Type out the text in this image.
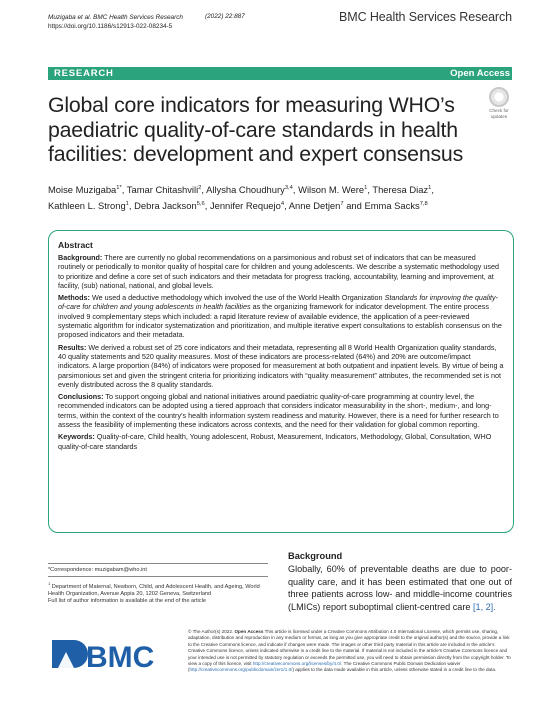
Muzigaba et al. BMC Health Services Research
https://doi.org/10.1186/s12913-022-08234-5
(2022) 22:887	BMC Health Services Research
RESEARCH	Open Access
Check for
updates
Global core indicators for measuring WHO’s paediatric quality-of-care standards in health facilities: development and expert consensus
Moise Muzigaba$^{1*}$, Tamar Chitashvili$^2$, Allysha Choudhury$^{3,4}$, Wilson M. Were$^1$, Theresa Diaz$^1$,
Kathleen L. Strong$^1$, Debra Jackson$^{5,6}$, Jennifer Requejo$^4$, Anne Detjen$^7$ and Emma Sacks$^{7,8}$
Abstract

Background: There are currently no global recommendations on a parsimonious and robust set of indicators that can be measured routinely or periodically to monitor quality of hospital care for children and young adolescents. We describe a systematic methodology used to prioritize and define a core set of such indicators and their metadata for progress tracking, accountability, learning and improvement, at facility, (sub) national, national, and global levels.

Methods: We used a deductive methodology which involved the use of the World Health Organization Standards for improving the quality-of-care for children and young adolescents in health facilities as the organizing framework for indicator development. The entire process involved 9 complementary steps which included: a rapid literature review of available evidence, the application of a peer-reviewed systematic algorithm for indicator systematization and prioritization, and multiple iterative expert consultations to establish consensus on the proposed indicators and their metadata.

Results: We derived a robust set of 25 core indicators and their metadata, representing all 8 World Health Organization quality standards, 40 quality statements and 520 quality measures. Most of these indicators are process-related (64%) and 20% are outcome/impact indicators. A large proportion (84%) of indicators were proposed for measurement at both outpatient and inpatient levels. By virtue of being a parsimonious set and given the stringent criteria for prioritizing indicators with “quality measurement” attributes, the recommended set is not evenly distributed across the 8 quality standards.

Conclusions: To support ongoing global and national initiatives around paediatric quality-of-care programming at country level, the recommended indicators can be adopted using a tiered approach that considers indicator measurability in the short-, medium-, and long-terms, within the context of the country’s health information system readiness and maturity. However, there is a need for further research to assess the feasibility of implementing these indicators across contexts, and the need for their validation for global common reporting.

Keywords: Quality-of-care, Child health, Young adolescent, Robust, Measurement, Indicators, Methodology, Global, Consultation, WHO quality-of-care standards

*Correspondence: muzigabam@who.int
$^1$ Department of Maternal, Newborn, Child, and Adolescent Health, and Ageing, World Health Organization, Avenue Appia 20, 1202 Geneva, Switzerland
Full list of author information is available at the end of the article
Background
Globally, 60% of preventable deaths are due to poor-quality care, and it has been estimated that one out of three patients across low- and middle-income countries (LMICs) report suboptimal client-centred care [1, 2].
BMC
© The Author(s) 2022. Open Access This article is licensed under a Creative Commons Attribution 4.0 International License, which permits use, sharing, adaptation, distribution and reproduction in any medium or format, as long as you give appropriate credit to the original author(s) and the source, provide a link to the Creative Commons licence, and indicate if changes were made. The images or other third party material in this article are included in the article’s Creative Commons licence, unless indicated otherwise in a credit line to the material. If material is not included in the article’s Creative Commons licence and your intended use is not permitted by statutory regulation or exceeds the permitted use, you will need to obtain permission directly from the copyright holder. To view a copy of this licence, visit http://creativecommons.org/licenses/by/4.0/. The Creative Commons Public Domain Dedication waiver (http://creativecommons.org/publicdomain/zero/1.0/) applies to the data made available in this article, unless otherwise stated in a credit line to the data.
